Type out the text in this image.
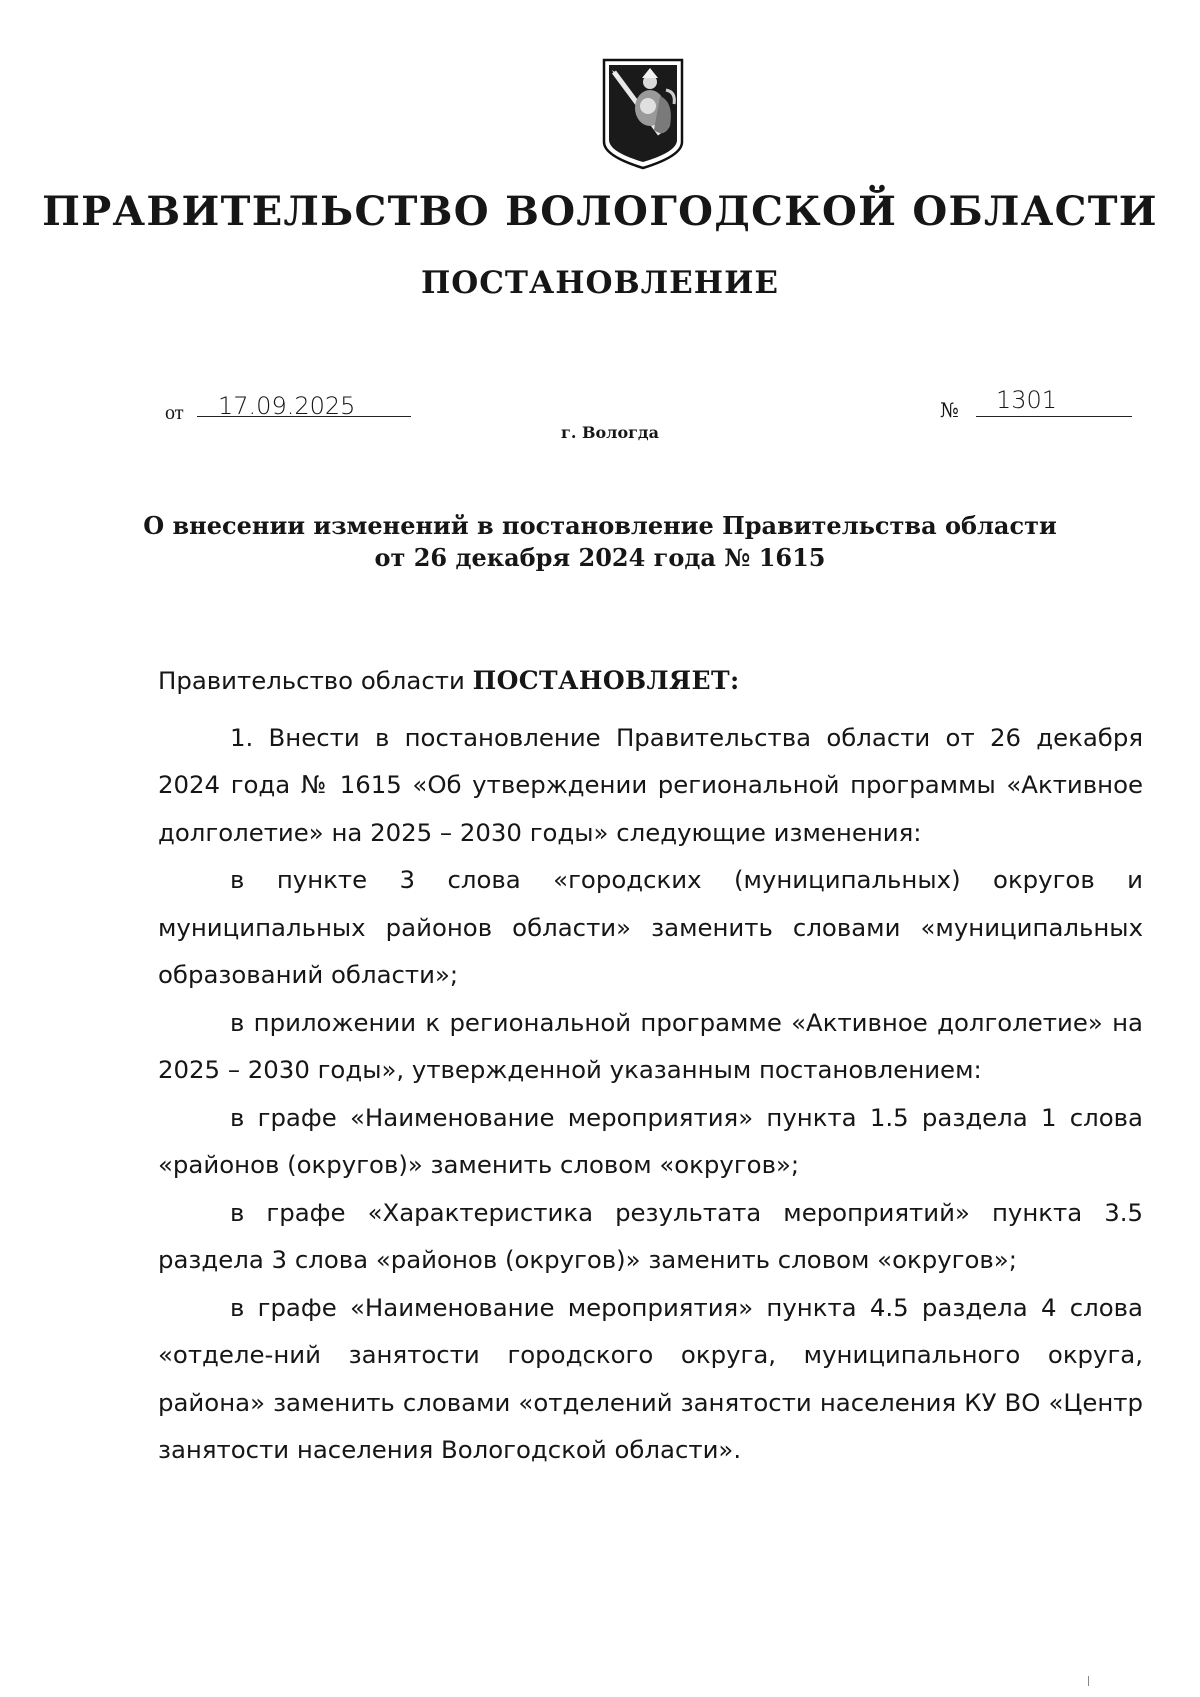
ПРАВИТЕЛЬСТВО ВОЛОГОДСКОЙ ОБЛАСТИ
ПОСТАНОВЛЕНИЕ
от 17.09.2025	№ 1301
г. Вологда
О внесении изменений в постановление Правительства области
от 26 декабря 2024 года № 1615
Правительство области ПОСТАНОВЛЯЕТ:

1. Внести в постановление Правительства области от 26 декабря 2024 года № 1615 «Об утверждении региональной программы «Активное долголетие» на 2025 – 2030 годы» следующие изменения:

в пункте 3 слова «городских (муниципальных) округов и муниципальных районов области» заменить словами «муниципальных образований области»;

в приложении к региональной программе «Активное долголетие» на 2025 – 2030 годы», утвержденной указанным постановлением:

в графе «Наименование мероприятия» пункта 1.5 раздела 1 слова «районов (округов)» заменить словом «округов»;

в графе «Характеристика результата мероприятий» пункта 3.5 раздела 3 слова «районов (округов)» заменить словом «округов»;

в графе «Наименование мероприятия» пункта 4.5 раздела 4 слова «отделе-ний занятости городского округа, муниципального округа, района» заменить словами «отделений занятости населения КУ ВО «Центр занятости населения Вологодской области».
